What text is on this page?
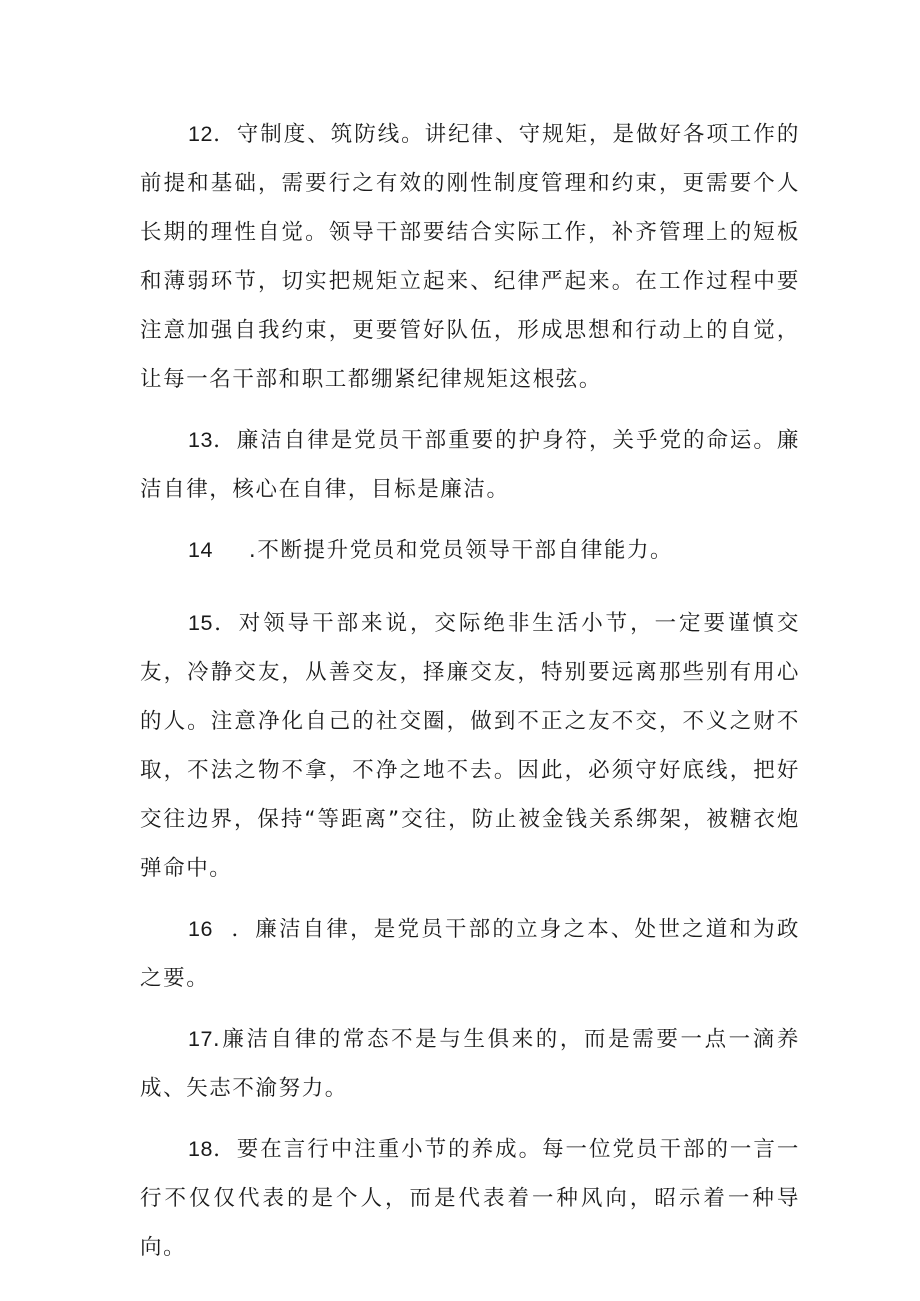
12．守制度、筑防线。讲纪律、守规矩，是做好各项工作的前提和基础，需要行之有效的刚性制度管理和约束，更需要个人长期的理性自觉。领导干部要结合实际工作，补齐管理上的短板和薄弱环节，切实把规矩立起来、纪律严起来。在工作过程中要注意加强自我约束，更要管好队伍，形成思想和行动上的自觉，让每一名干部和职工都绷紧纪律规矩这根弦。

13．廉洁自律是党员干部重要的护身符，关乎党的命运。廉洁自律，核心在自律，目标是廉洁。

14 .不断提升党员和党员领导干部自律能力。

15．对领导干部来说，交际绝非生活小节，一定要谨慎交友，冷静交友，从善交友，择廉交友，特别要远离那些别有用心的人。注意净化自己的社交圈，做到不正之友不交，不义之财不取，不法之物不拿，不净之地不去。因此，必须守好底线，把好交往边界，保持“等距离”交往，防止被金钱关系绑架，被糖衣炮弹命中。

16 ．廉洁自律，是党员干部的立身之本、处世之道和为政之要。

17.廉洁自律的常态不是与生俱来的，而是需要一点一滴养成、矢志不渝努力。

18．要在言行中注重小节的养成。每一位党员干部的一言一行不仅仅代表的是个人，而是代表着一种风向，昭示着一种导向。
